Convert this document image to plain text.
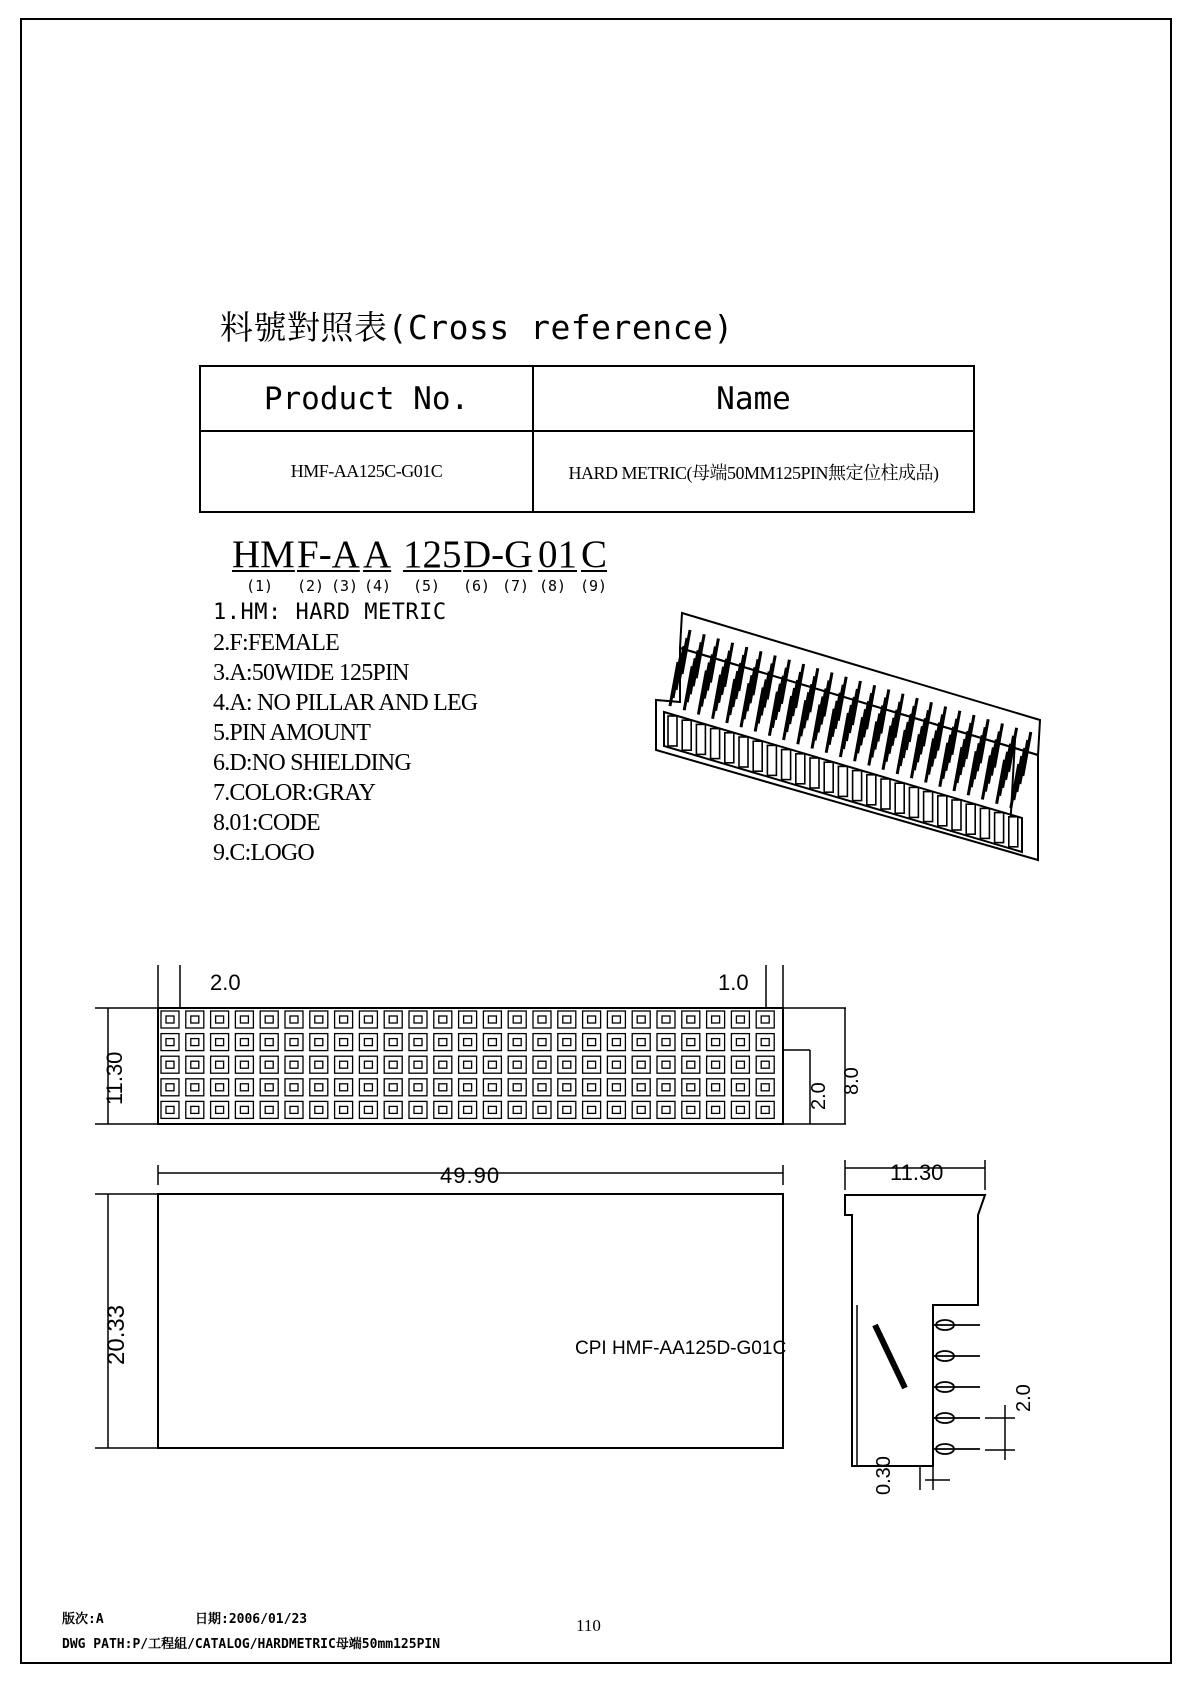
料號對照表(Cross reference)
Product No.	Name
HMF-AA125C-G01C	HARD METRIC(母端50MM125PIN無定位柱成品)
HM F-A A 125 D-G 01 C
(1) (2) (3) (4) (5) (6) (7) (8) (9)
1.HM: HARD METRIC
2.F:FEMALE
3.A:50WIDE 125PIN
4.A: NO PILLAR AND LEG
5.PIN AMOUNT
6.D:NO SHIELDING
7.COLOR:GRAY
8.01:CODE
9.C:LOGO
2.0	1.0
11.30	2.0
8.0
49.90
20.33	CPI HMF-AA125D-G01C
11.30
2.0
0.30
版次:A	日期:2006/01/23
DWG PATH:P/工程組/CATALOG/HARDMETRIC母端50mm125PIN
110
